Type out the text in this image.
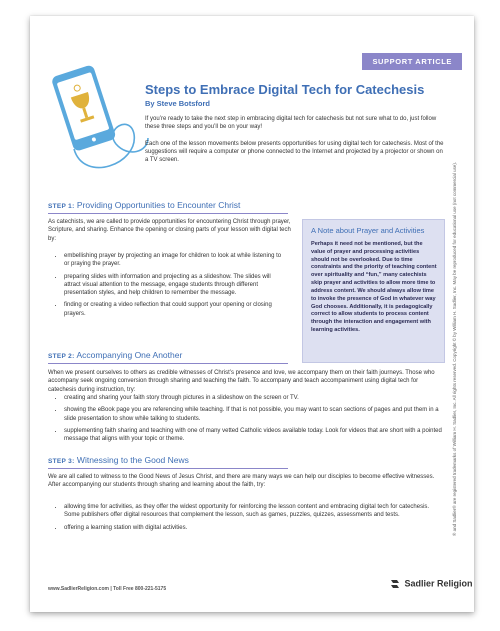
SUPPORT ARTICLE
Steps to Embrace Digital Tech for Catechesis
By Steve Botsford
If you’re ready to take the next step in embracing digital tech for catechesis but not sure what to do, just follow these three steps and you’ll be on your way!
Each one of the lesson movements below presents opportunities for using digital tech for catechesis. Most of the suggestions will require a computer or phone connected to the Internet and projected by a projector or shown on a TV screen.
STEP 1: Providing Opportunities to Encounter Christ
As catechists, we are called to provide opportunities for encountering Christ through prayer, Scripture, and sharing. Enhance the opening or closing parts of your lesson with digital tech by:
• embellishing prayer by projecting an image for children to look at while listening to or praying the prayer.
• preparing slides with information and projecting as a slideshow. The slides will attract visual attention to the message, engage students through different presentation styles, and help children to remember the message.
• finding or creating a video reflection that could support your opening or closing prayers.
A Note about Prayer and Activities
Perhaps it need not be mentioned, but the value of prayer and processing activities should not be overlooked. Due to time constraints and the priority of teaching content over spirituality and “fun,” many catechists skip prayer and activities to allow more time to address content. We should always allow time to invoke the presence of God in whatever way God chooses. Additionally, it is pedagogically correct to allow students to process content through the interaction and engagement with learning activities.
STEP 2: Accompanying One Another
When we present ourselves to others as credible witnesses of Christ’s presence and love, we accompany them on their faith journeys. Those who accompany seek ongoing conversion through sharing and teaching the faith. To accompany and teach accompaniment using digital tech for catechesis during instruction, try:
• creating and sharing your faith story through pictures in a slideshow on the screen or TV.
• showing the eBook page you are referencing while teaching. If that is not possible, you may want to scan sections of pages and put them in a slide presentation to show while talking to students.
• supplementing faith sharing and teaching with one of many vetted Catholic videos available today. Look for videos that are short with a pointed message that aligns with your topic or theme.
STEP 3: Witnessing to the Good News
We are all called to witness to the Good News of Jesus Christ, and there are many ways we can help our disciples to become effective witnesses. After accompanying our students through sharing and learning about the faith, try:
• allowing time for activities, as they offer the widest opportunity for reinforcing the lesson content and embracing digital tech for catechesis. Some publishers offer digital resources that complement the lesson, such as games, puzzles, quizzes, assessments and tests.
• offering a learning station with digital activities.
www.SadlierReligion.com | Toll Free 800-221-5175
Sadlier Religion
® and Sadlier® are registered trademarks of William H. Sadlier, Inc. All rights reserved. Copyright © by William H. Sadlier, Inc. May be reproduced for educational use (not commercial use).
